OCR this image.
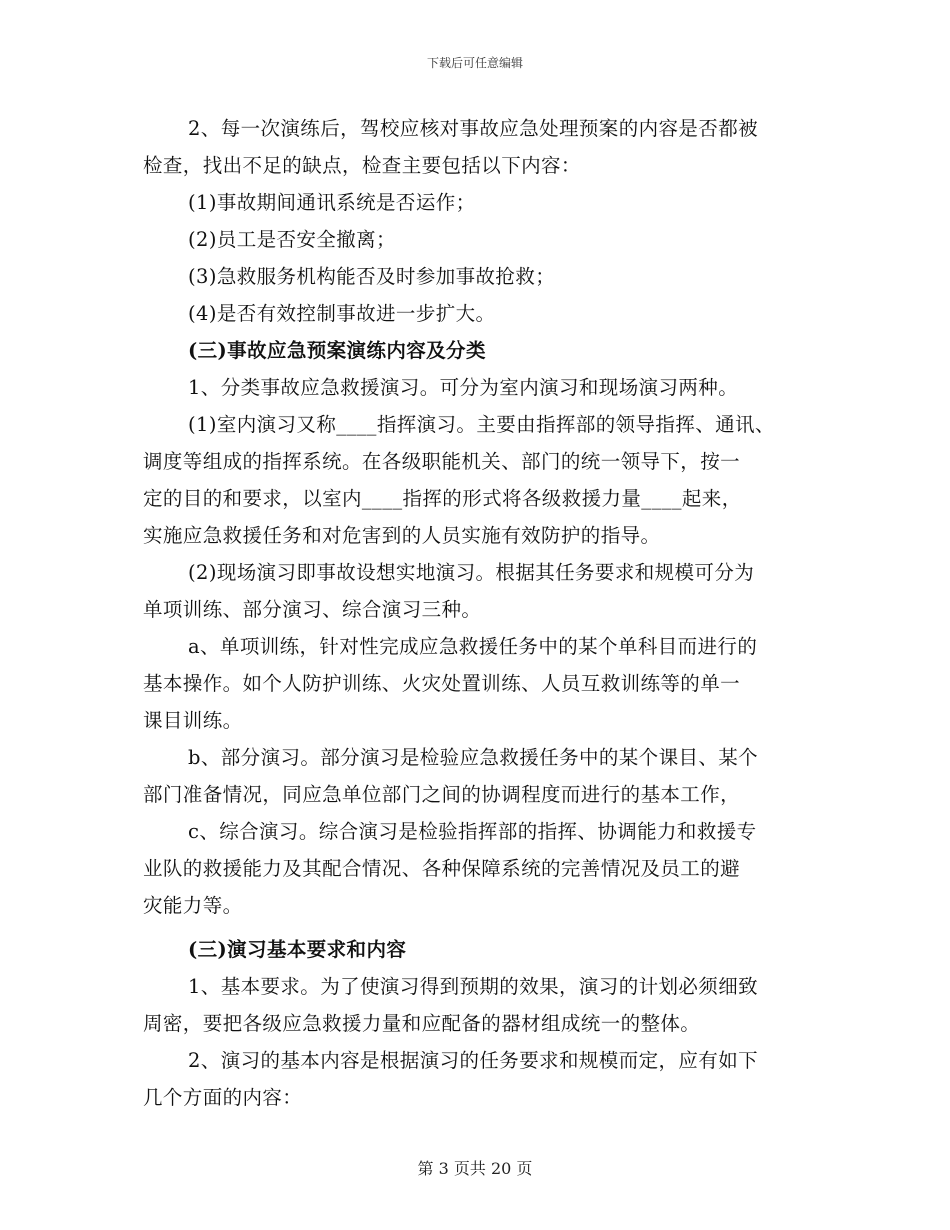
下载后可任意编辑
2、每一次演练后，驾校应核对事故应急处理预案的内容是否都被
检查，找出不足的缺点，检查主要包括以下内容：
(1)事故期间通讯系统是否运作；
(2)员工是否安全撤离；
(3)急救服务机构能否及时参加事故抢救；
(4)是否有效控制事故进一步扩大。
(三)事故应急预案演练内容及分类
1、分类事故应急救援演习。可分为室内演习和现场演习两种。
(1)室内演习又称____指挥演习。主要由指挥部的领导指挥、通讯、
调度等组成的指挥系统。在各级职能机关、部门的统一领导下，按一
定的目的和要求，以室内____指挥的形式将各级救援力量____起来，
实施应急救援任务和对危害到的人员实施有效防护的指导。
(2)现场演习即事故设想实地演习。根据其任务要求和规模可分为
单项训练、部分演习、综合演习三种。
a、单项训练，针对性完成应急救援任务中的某个单科目而进行的
基本操作。如个人防护训练、火灾处置训练、人员互救训练等的单一
课目训练。
b、部分演习。部分演习是检验应急救援任务中的某个课目、某个
部门准备情况，同应急单位部门之间的协调程度而进行的基本工作，
c、综合演习。综合演习是检验指挥部的指挥、协调能力和救援专
业队的救援能力及其配合情况、各种保障系统的完善情况及员工的避
灾能力等。
(三)演习基本要求和内容
1、基本要求。为了使演习得到预期的效果，演习的计划必须细致
周密，要把各级应急救援力量和应配备的器材组成统一的整体。
2、演习的基本内容是根据演习的任务要求和规模而定，应有如下
几个方面的内容：
第 3 页共 20 页
